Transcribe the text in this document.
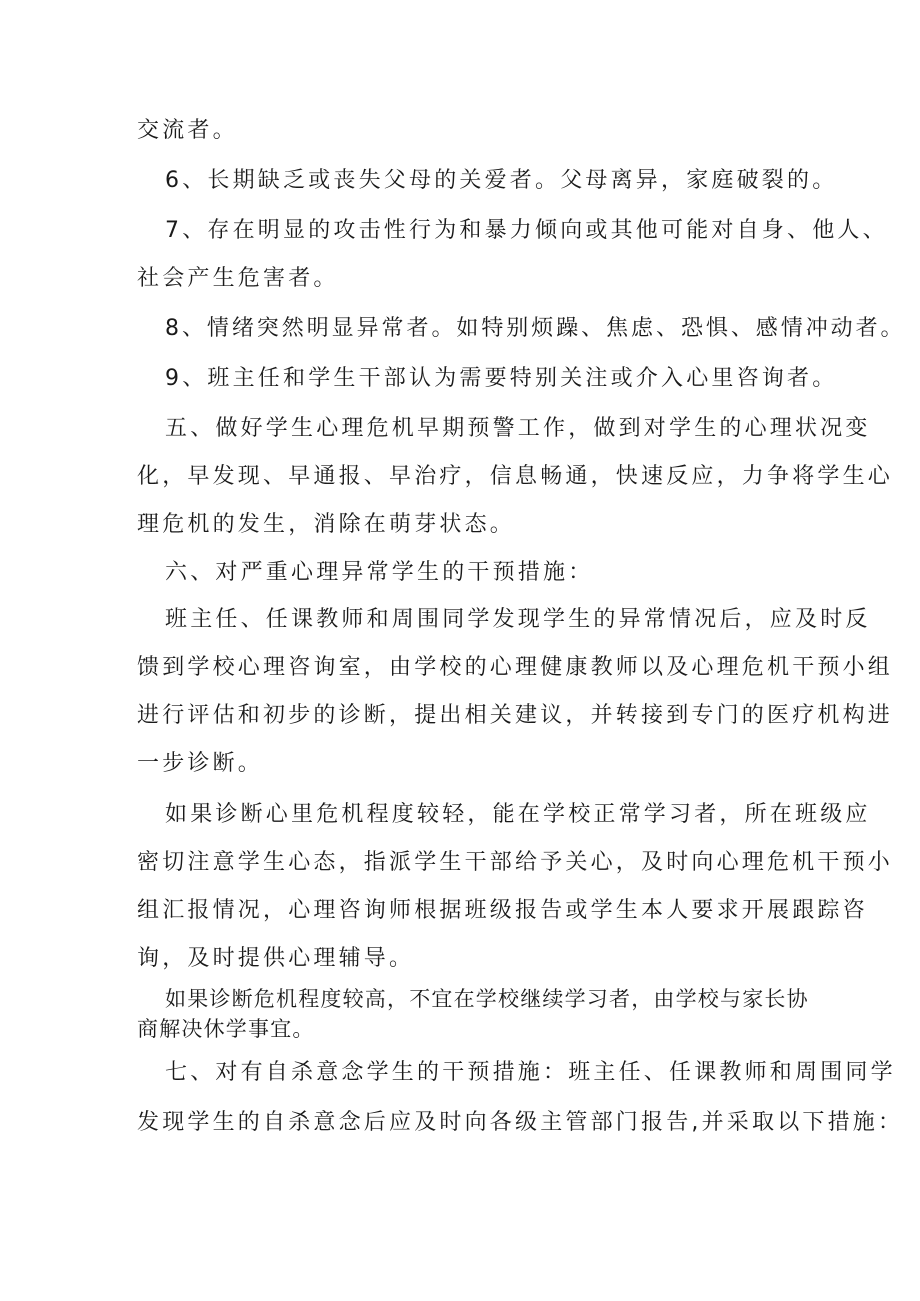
交流者。
6、长期缺乏或丧失父母的关爱者。父母离异，家庭破裂的。
7、存在明显的攻击性行为和暴力倾向或其他可能对自身、他人、
社会产生危害者。
8、情绪突然明显异常者。如特别烦躁、焦虑、恐惧、感情冲动者。
9、班主任和学生干部认为需要特别关注或介入心里咨询者。
五、做好学生心理危机早期预警工作，做到对学生的心理状况变
化，早发现、早通报、早治疗，信息畅通，快速反应，力争将学生心
理危机的发生，消除在萌芽状态。
六、对严重心理异常学生的干预措施：
班主任、任课教师和周围同学发现学生的异常情况后，应及时反
馈到学校心理咨询室，由学校的心理健康教师以及心理危机干预小组
进行评估和初步的诊断，提出相关建议，并转接到专门的医疗机构进
一步诊断。
如果诊断心里危机程度较轻，能在学校正常学习者，所在班级应
密切注意学生心态，指派学生干部给予关心，及时向心理危机干预小
组汇报情况，心理咨询师根据班级报告或学生本人要求开展跟踪咨
询，及时提供心理辅导。
如果诊断危机程度较高，不宜在学校继续学习者，由学校与家长协
商解决休学事宜。
七、对有自杀意念学生的干预措施：班主任、任课教师和周围同学
发现学生的自杀意念后应及时向各级主管部门报告,并采取以下措施：
